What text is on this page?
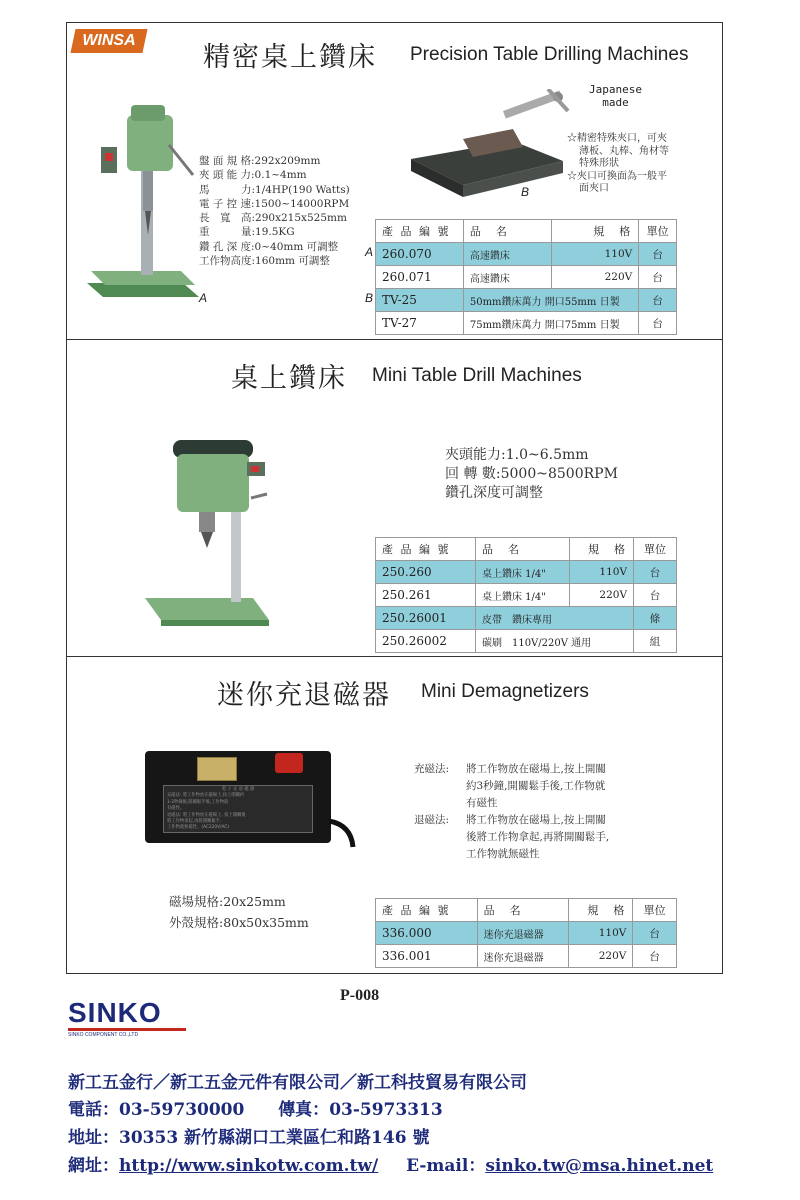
WINSA
精密桌上鑽床 Precision Table Drilling Machines
盤 面 規 格:292x209mm
夾 頭 能 力:0.1~4mm
馬　　　力:1/4HP(190 Watts)
電 子 控 速:1500~14000RPM
長　寬　高:290x215x525mm
重　　　量:19.5KG
鑽 孔 深 度:0~40mm 可調整
工作物高度:160mm 可調整
A
Japanese
made
B
☆精密特殊夾口，可夾
薄板、丸棒、角材等
特殊形狀
☆夾口可換面為一般平
面夾口
A
B
產 品 編 號	品　名	規　格	單位
260.070	高速鑽床	110V	台
260.071	高速鑽床	220V	台
TV-25	50mm鑽床萬力 開口55mm 日製		台
TV-27	75mm鑽床萬力 開口75mm 日製		台
桌上鑽床 Mini Table Drill Machines
夾頭能力:1.0~6.5mm
回 轉 數:5000~8500RPM
鑽孔深度可調整
產 品 編 號	品　名	規　格	單位
250.260	桌上鑽床 1/4"	110V	台
250.261	桌上鑽床 1/4"	220V	台
250.26001	皮帶　鑽床專用		條
250.26002	碳刷　110V/220V 通用		組
迷你充退磁器 Mini Demagnetizers
電 子 充 退 磁 器
充磁法: 將工作物放在磁場上,按上開關約
1-2秒鐘後,開關鬆手後,工作物就
有磁性。
退磁法: 將工作物放在磁場上, 按上開關後
將工作物拿起,再將開關鬆手,
工作物就無磁性。(AC220V/AC)
充磁法:	將工作物放在磁場上,按上開關
約3秒鐘,開關鬆手後,工作物就
有磁性
退磁法:	將工作物放在磁場上,按上開關
後將工作物拿起,再將開關鬆手,
工作物就無磁性
磁場規格:20x25mm
外殼規格:80x50x35mm
產 品 編 號	品　名	規　格	單位
336.000	迷你充退磁器	110V	台
336.001	迷你充退磁器	220V	台
P-008
SINKO
SINKO COMPONENT CO.,LTD
新工五金行／新工五金元件有限公司／新工科技貿易有限公司
電話：03-59730000 傳真：03-5973313
地址：30353 新竹縣湖口工業區仁和路146 號
網址：http://www.sinkotw.com.tw/ E-mail：sinko.tw@msa.hinet.net
